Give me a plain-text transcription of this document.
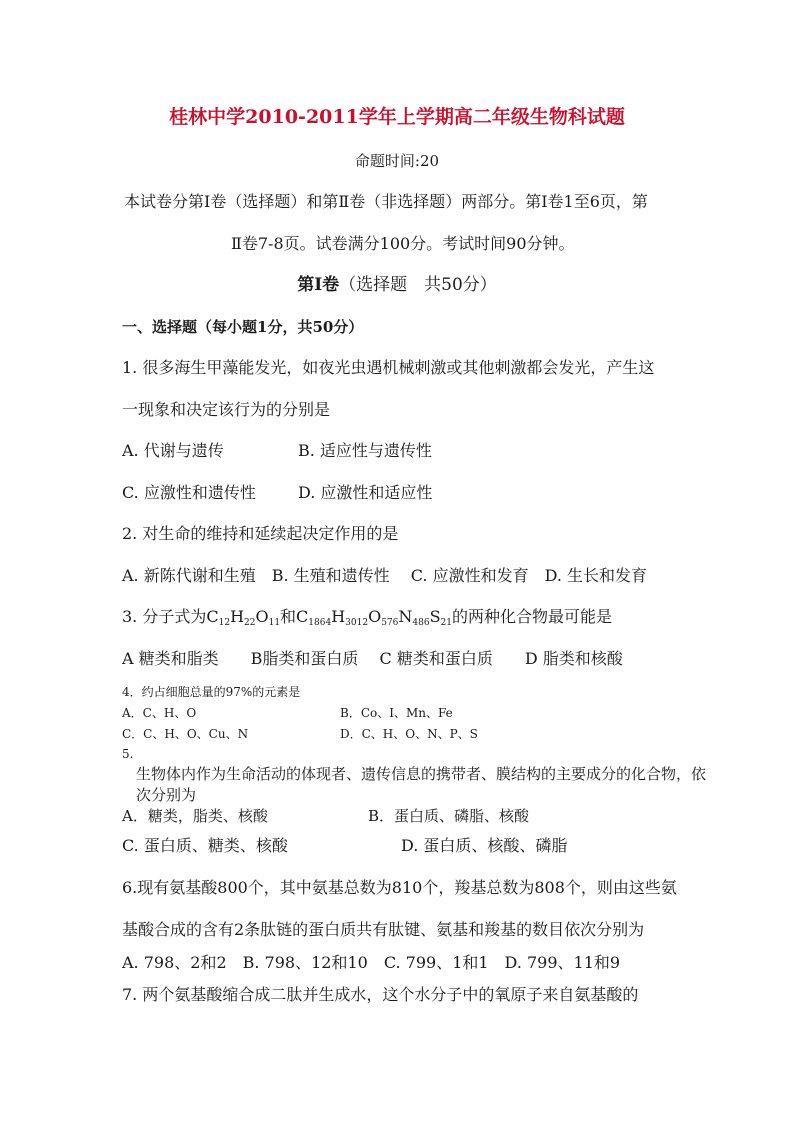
桂林中学2010-2011学年上学期高二年级生物科试题
命题时间:20
本试卷分第Ⅰ卷（选择题）和第Ⅱ卷（非选择题）两部分。第Ⅰ卷1至6页，第
Ⅱ卷7-8页。试卷满分100分。考试时间90分钟。
第Ⅰ卷（选择题　共50分）
一、选择题（每小题1分，共50分）
1. 很多海生甲藻能发光，如夜光虫遇机械刺激或其他刺激都会发光，产生这
一现象和决定该行为的分别是
A. 代谢与遗传	B. 适应性与遗传性
C. 应激性和遗传性	D. 应激性和适应性
2. 对生命的维持和延续起决定作用的是
A. 新陈代谢和生殖　B. 生殖和遗传性　 C. 应激性和发育　D. 生长和发育
3. 分子式为$C_{12}H_{22}O_{11}$和$C_{1864}H_{3012}O_{576}N_{486}S_{21}$的两种化合物最可能是
A 糖类和脂类　　B脂类和蛋白质　 C 糖类和蛋白质　　D 脂类和核酸
4．约占细胞总量的97%的元素是
A．C、H、O	B．Co、I、Mn、Fe
C．C、H、O、Cu、N	D．C、H、O、N、P、S
5.
生物体内作为生命活动的体现者、遗传信息的携带者、膜结构的主要成分的化合物，依
次分别为
A．糖类，脂类、核酸	B．蛋白质、磷脂、核酸
C. 蛋白质、糖类、核酸	D. 蛋白质、核酸、磷脂
6.现有氨基酸800个，其中氨基总数为810个，羧基总数为808个，则由这些氨
基酸合成的含有2条肽链的蛋白质共有肽键、氨基和羧基的数目依次分别为
A. 798、2和2　B. 798、12和10　C. 799、1和1　D. 799、11和9
7. 两个氨基酸缩合成二肽并生成水，这个水分子中的氧原子来自氨基酸的
